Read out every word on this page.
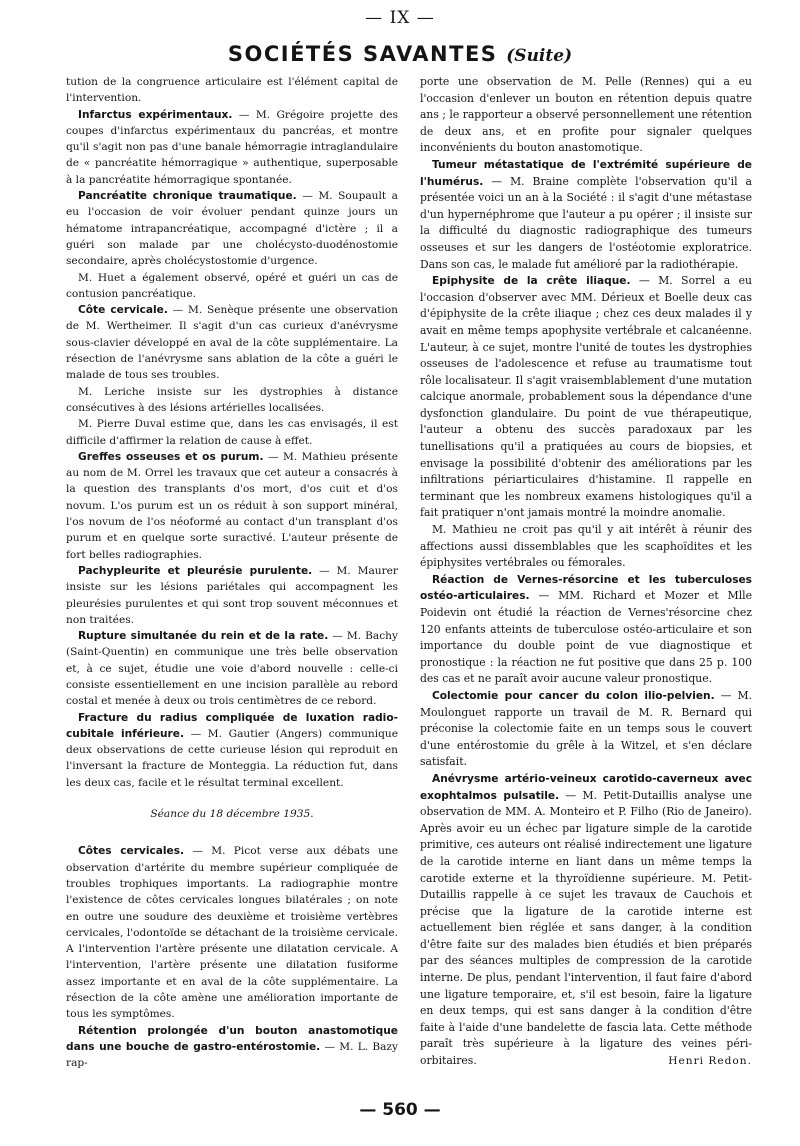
— IX —
SOCIÉTÉS SAVANTES (Suite)

tution de la congruence articulaire est l'élément capital de l'intervention.

Infarctus expérimentaux. — M. Grégoire projette des coupes d'infarctus expérimentaux du pancréas, et montre qu'il s'agit non pas d'une banale hémorragie intraglandulaire de « pancréatite hémorragique » authentique, superposable à la pancréatite hémorragique spontanée.

Pancréatite chronique traumatique. — M. Soupault a eu l'occasion de voir évoluer pendant quinze jours un hématome intrapancréatique, accompagné d'ictère ; il a guéri son malade par une cholécysto-duodénostomie secondaire, après cholécystostomie d'urgence.

M. Huet a également observé, opéré et guéri un cas de contusion pancréatique.

Côte cervicale. — M. Senèque présente une observation de M. Wertheimer. Il s'agit d'un cas curieux d'anévrysme sous-clavier développé en aval de la côte supplémentaire. La résection de l'anévrysme sans ablation de la côte a guéri le malade de tous ses troubles.

M. Leriche insiste sur les dystrophies à distance consécutives à des lésions artérielles localisées.

M. Pierre Duval estime que, dans les cas envisagés, il est difficile d'affirmer la relation de cause à effet.

Greffes osseuses et os purum. — M. Mathieu présente au nom de M. Orrel les travaux que cet auteur a consacrés à la question des transplants d'os mort, d'os cuit et d'os novum. L'os purum est un os réduit à son support minéral, l'os novum de l'os néoformé au contact d'un transplant d'os purum et en quelque sorte suractivé. L'auteur présente de fort belles radiographies.

Pachypleurite et pleurésie purulente. — M. Maurer insiste sur les lésions pariétales qui accompagnent les pleurésies purulentes et qui sont trop souvent méconnues et non traitées.

Rupture simultanée du rein et de la rate. — M. Bachy (Saint-Quentin) en communique une très belle observation et, à ce sujet, étudie une voie d'abord nouvelle : celle-ci consiste essentiellement en une incision parallèle au rebord costal et menée à deux ou trois centimètres de ce rebord.

Fracture du radius compliquée de luxation radio-cubitale inférieure. — M. Gautier (Angers) communique deux observations de cette curieuse lésion qui reproduit en l'inversant la fracture de Monteggia. La réduction fut, dans les deux cas, facile et le résultat terminal excellent.

Séance du 18 décembre 1935.

Côtes cervicales. — M. Picot verse aux débats une observation d'artérite du membre supérieur compliquée de troubles trophiques importants. La radiographie montre l'existence de côtes cervicales longues bilatérales ; on note en outre une soudure des deuxième et troisième vertèbres cervicales, l'odontoïde se détachant de la troisième cervicale. A l'intervention l'artère présente une dilatation cervicale. A l'intervention, l'artère présente une dilatation fusiforme assez importante et en aval de la côte supplémentaire. La résection de la côte amène une amélioration importante de tous les symptômes.

Rétention prolongée d'un bouton anastomotique dans une bouche de gastro-entérostomie. — M. L. Bazy rap-

porte une observation de M. Pelle (Rennes) qui a eu l'occasion d'enlever un bouton en rétention depuis quatre ans ; le rapporteur a observé personnellement une rétention de deux ans, et en profite pour signaler quelques inconvénients du bouton anastomotique.

Tumeur métastatique de l'extrémité supérieure de l'humérus. — M. Braine complète l'observation qu'il a présentée voici un an à la Société : il s'agit d'une métastase d'un hypernéphrome que l'auteur a pu opérer ; il insiste sur la difficulté du diagnostic radiographique des tumeurs osseuses et sur les dangers de l'ostéotomie exploratrice. Dans son cas, le malade fut amélioré par la radiothérapie.

Epiphysite de la crête iliaque. — M. Sorrel a eu l'occasion d'observer avec MM. Dérieux et Boelle deux cas d'épiphysite de la crête iliaque ; chez ces deux malades il y avait en même temps apophysite vertébrale et calcanéenne. L'auteur, à ce sujet, montre l'unité de toutes les dystrophies osseuses de l'adolescence et refuse au traumatisme tout rôle localisateur. Il s'agit vraisemblablement d'une mutation calcique anormale, probablement sous la dépendance d'une dysfonction glandulaire. Du point de vue thérapeutique, l'auteur a obtenu des succès paradoxaux par les tunellisations qu'il a pratiquées au cours de biopsies, et envisage la possibilité d'obtenir des améliorations par les infiltrations périarticulaires d'histamine. Il rappelle en terminant que les nombreux examens histologiques qu'il a fait pratiquer n'ont jamais montré la moindre anomalie.

M. Mathieu ne croit pas qu'il y ait intérêt à réunir des affections aussi dissemblables que les scaphoïdites et les épiphysites vertébrales ou fémorales.

Réaction de Vernes-résorcine et les tuberculoses ostéo-articulaires. — MM. Richard et Mozer et Mlle Poidevin ont étudié la réaction de Vernes'résorcine chez 120 enfants atteints de tuberculose ostéo-articulaire et son importance du double point de vue diagnostique et pronostique : la réaction ne fut positive que dans 25 p. 100 des cas et ne paraît avoir aucune valeur pronostique.

Colectomie pour cancer du colon ilio-pelvien. — M. Moulonguet rapporte un travail de M. R. Bernard qui préconise la colectomie faite en un temps sous le couvert d'une entérostomie du grêle à la Witzel, et s'en déclare satisfait.

Anévrysme artério-veineux carotido-caverneux avec exophtalmos pulsatile. — M. Petit-Dutaillis analyse une observation de MM. A. Monteiro et P. Filho (Rio de Janeiro). Après avoir eu un échec par ligature simple de la carotide primitive, ces auteurs ont réalisé indirectement une ligature de la carotide interne en liant dans un même temps la carotide externe et la thyroïdienne supérieure. M. Petit-Dutaillis rappelle à ce sujet les travaux de Cauchois et précise que la ligature de la carotide interne est actuellement bien réglée et sans danger, à la condition d'être faite sur des malades bien étudiés et bien préparés par des séances multiples de compression de la carotide interne. De plus, pendant l'intervention, il faut faire d'abord une ligature temporaire, et, s'il est besoin, faire la ligature en deux temps, qui est sans danger à la condition d'être faite à l'aide d'une bandelette de fascia lata. Cette méthode paraît très supérieure à la ligature des veines péri-orbitaires.	Henri Redon.

— 560 —
